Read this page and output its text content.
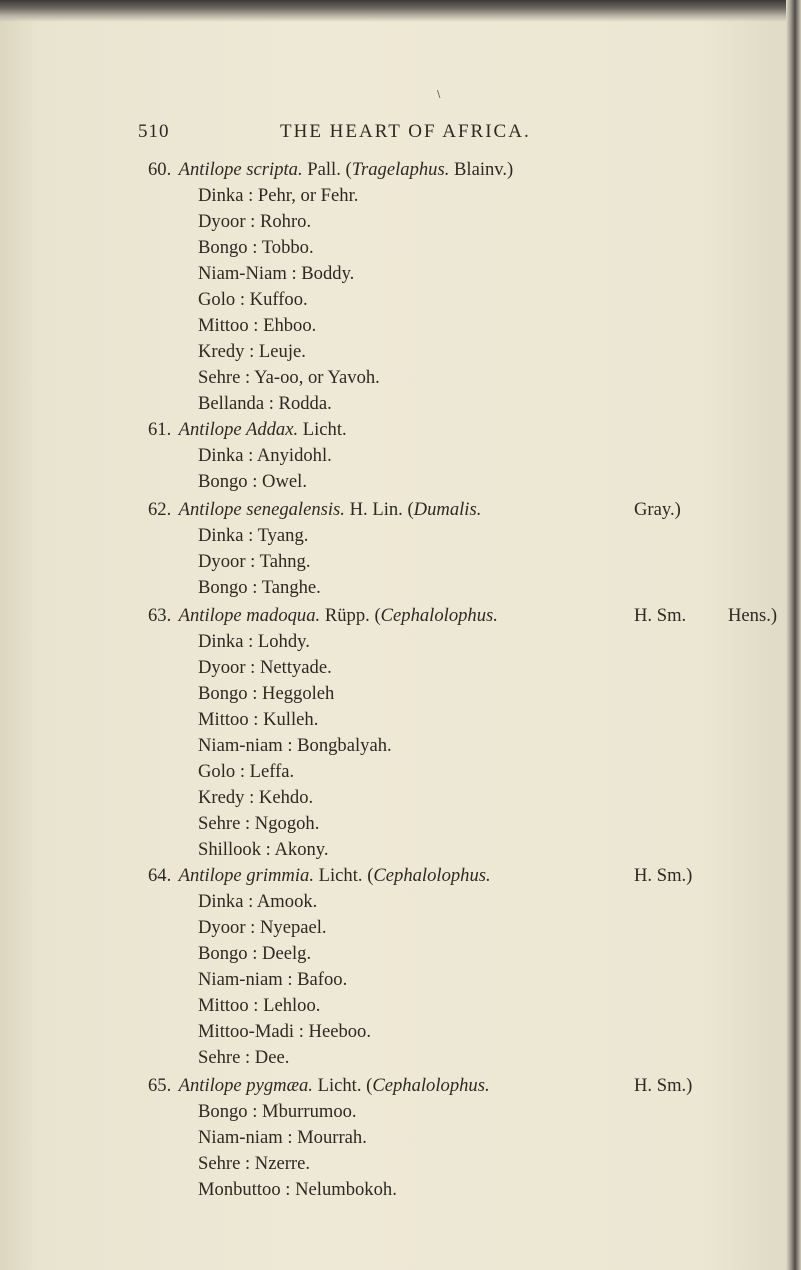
\
510	THE HEART OF AFRICA.
60. Antilope scripta. Pall. (Tragelaphus. Blainv.)
Dinka : Pehr, or Fehr.
Dyoor : Rohro.
Bongo : Tobbo.
Niam-Niam : Boddy.
Golo : Kuffoo.
Mittoo : Ehboo.
Kredy : Leuje.
Sehre : Ya-oo, or Yavoh.
Bellanda : Rodda.
61. Antilope Addax. Licht.
Dinka : Anyidohl.
Bongo : Owel.
62. Antilope senegalensis. H. Lin. (Dumalis.	Gray.)
Dinka : Tyang.
Dyoor : Tahng.
Bongo : Tanghe.
63. Antilope madoqua. Rüpp. (Cephalolophus.	H. Sm. Hens.)
Dinka : Lohdy.
Dyoor : Nettyade.
Bongo : Heggoleh
Mittoo : Kulleh.
Niam-niam : Bongbalyah.
Golo : Leffa.
Kredy : Kehdo.
Sehre : Ngogoh.
Shillook : Akony.
64. Antilope grimmia. Licht. (Cephalolophus.	H. Sm.)
Dinka : Amook.
Dyoor : Nyepael.
Bongo : Deelg.
Niam-niam : Bafoo.
Mittoo : Lehloo.
Mittoo-Madi : Heeboo.
Sehre : Dee.
65. Antilope pygmæa. Licht. (Cephalolophus.	H. Sm.)
Bongo : Mburrumoo.
Niam-niam : Mourrah.
Sehre : Nzerre.
Monbuttoo : Nelumbokoh.
